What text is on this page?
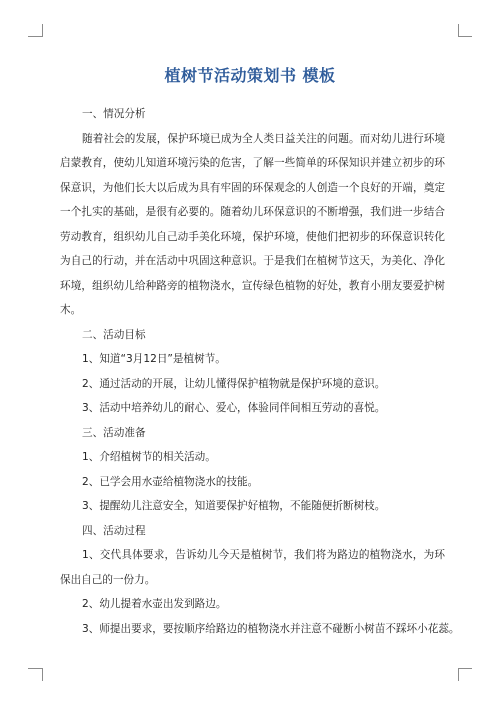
植树节活动策划书 模板

一、情况分析

随着社会的发展，保护环境已成为全人类日益关注的问题。而对幼儿进行环境启蒙教育，使幼儿知道环境污染的危害，了解一些简单的环保知识并建立初步的环保意识，为他们长大以后成为具有牢固的环保观念的人创造一个良好的开端，奠定一个扎实的基础，是很有必要的。随着幼儿环保意识的不断增强，我们进一步结合劳动教育，组织幼儿自己动手美化环境，保护环境，使他们把初步的环保意识转化为自己的行动，并在活动中巩固这种意识。于是我们在植树节这天，为美化、净化环境，组织幼儿给种路旁的植物浇水，宣传绿色植物的好处，教育小朋友要爱护树木。

二、活动目标

1、知道“3月12日”是植树节。

2、通过活动的开展，让幼儿懂得保护植物就是保护环境的意识。

3、活动中培养幼儿的耐心、爱心，体验同伴间相互劳动的喜悦。

三、活动准备

1、介绍植树节的相关活动。

2、已学会用水壶给植物浇水的技能。

3、提醒幼儿注意安全，知道要保护好植物，不能随便折断树枝。

四、活动过程

1、交代具体要求，告诉幼儿今天是植树节，我们将为路边的植物浇水，为环保出自己的一份力。

2、幼儿提着水壶出发到路边。

3、师提出要求，要按顺序给路边的植物浇水并注意不碰断小树苗不踩坏小花蕊。
